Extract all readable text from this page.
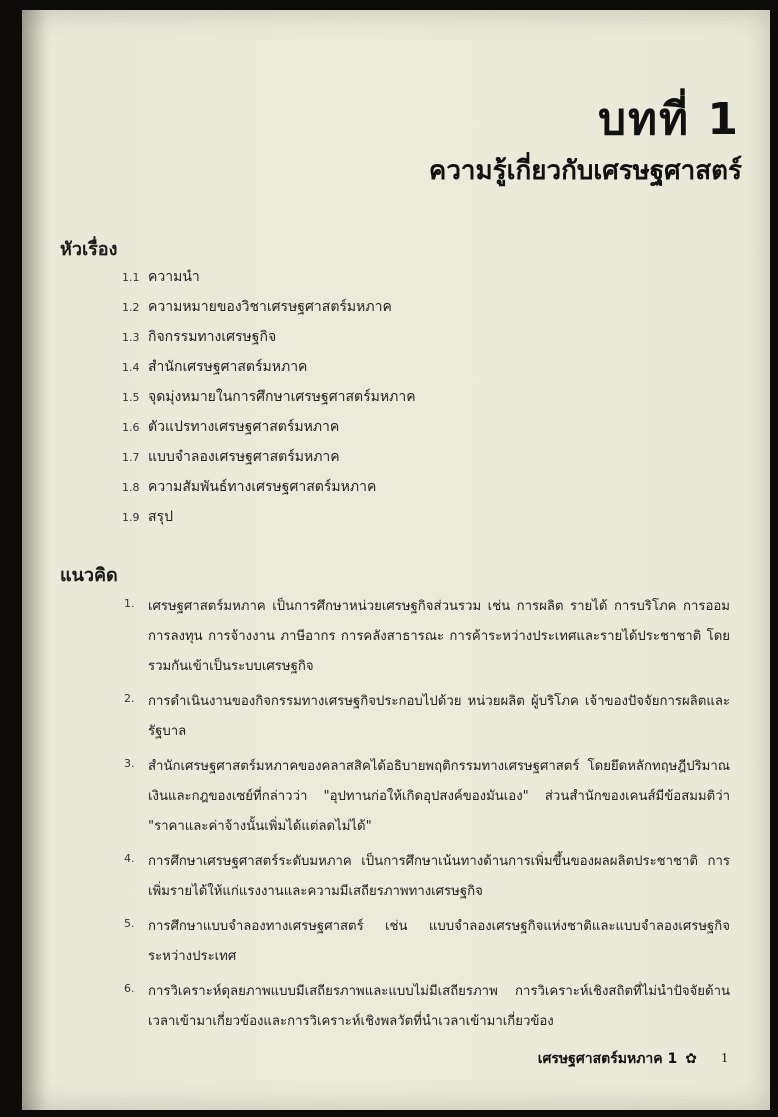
บทที่ 1
ความรู้เกี่ยวกับเศรษฐศาสตร์
หัวเรื่อง
1.1 ความนำ
1.2 ความหมายของวิชาเศรษฐศาสตร์มหภาค
1.3 กิจกรรมทางเศรษฐกิจ
1.4 สำนักเศรษฐศาสตร์มหภาค
1.5 จุดมุ่งหมายในการศึกษาเศรษฐศาสตร์มหภาค
1.6 ตัวแปรทางเศรษฐศาสตร์มหภาค
1.7 แบบจำลองเศรษฐศาสตร์มหภาค
1.8 ความสัมพันธ์ทางเศรษฐศาสตร์มหภาค
1.9 สรุป
แนวคิด
1.	เศรษฐศาสตร์มหภาค เป็นการศึกษาหน่วยเศรษฐกิจส่วนรวม เช่น การผลิต รายได้ การบริโภค การออม การลงทุน การจ้างงาน ภาษีอากร การคลังสาธารณะ การค้าระหว่างประเทศและรายได้ประชาชาติ โดยรวมกันเข้าเป็นระบบเศรษฐกิจ
2.	การดำเนินงานของกิจกรรมทางเศรษฐกิจประกอบไปด้วย หน่วยผลิต ผู้บริโภค เจ้าของปัจจัยการผลิตและรัฐบาล
3.	สำนักเศรษฐศาสตร์มหภาคของคลาสสิคได้อธิบายพฤติกรรมทางเศรษฐศาสตร์ โดยยึดหลักทฤษฎีปริมาณเงินและกฎของเซย์ที่กล่าวว่า "อุปทานก่อให้เกิดอุปสงค์ของมันเอง" ส่วนสำนักของเคนส์มีข้อสมมติว่า "ราคาและค่าจ้างนั้นเพิ่มได้แต่ลดไม่ได้"
4.	การศึกษาเศรษฐศาสตร์ระดับมหภาค เป็นการศึกษาเน้นทางด้านการเพิ่มขึ้นของผลผลิตประชาชาติ การเพิ่มรายได้ให้แก่แรงงานและความมีเสถียรภาพทางเศรษฐกิจ
5.	การศึกษาแบบจำลองทางเศรษฐศาสตร์ เช่น แบบจำลองเศรษฐกิจแห่งชาติและแบบจำลองเศรษฐกิจระหว่างประเทศ
6.	การวิเคราะห์ดุลยภาพแบบมีเสถียรภาพและแบบไม่มีเสถียรภาพ การวิเคราะห์เชิงสถิตที่ไม่นำปัจจัยด้านเวลาเข้ามาเกี่ยวข้องและการวิเคราะห์เชิงพลวัตที่นำเวลาเข้ามาเกี่ยวข้อง
เศรษฐศาสตร์มหภาค 1 ✿ 1
